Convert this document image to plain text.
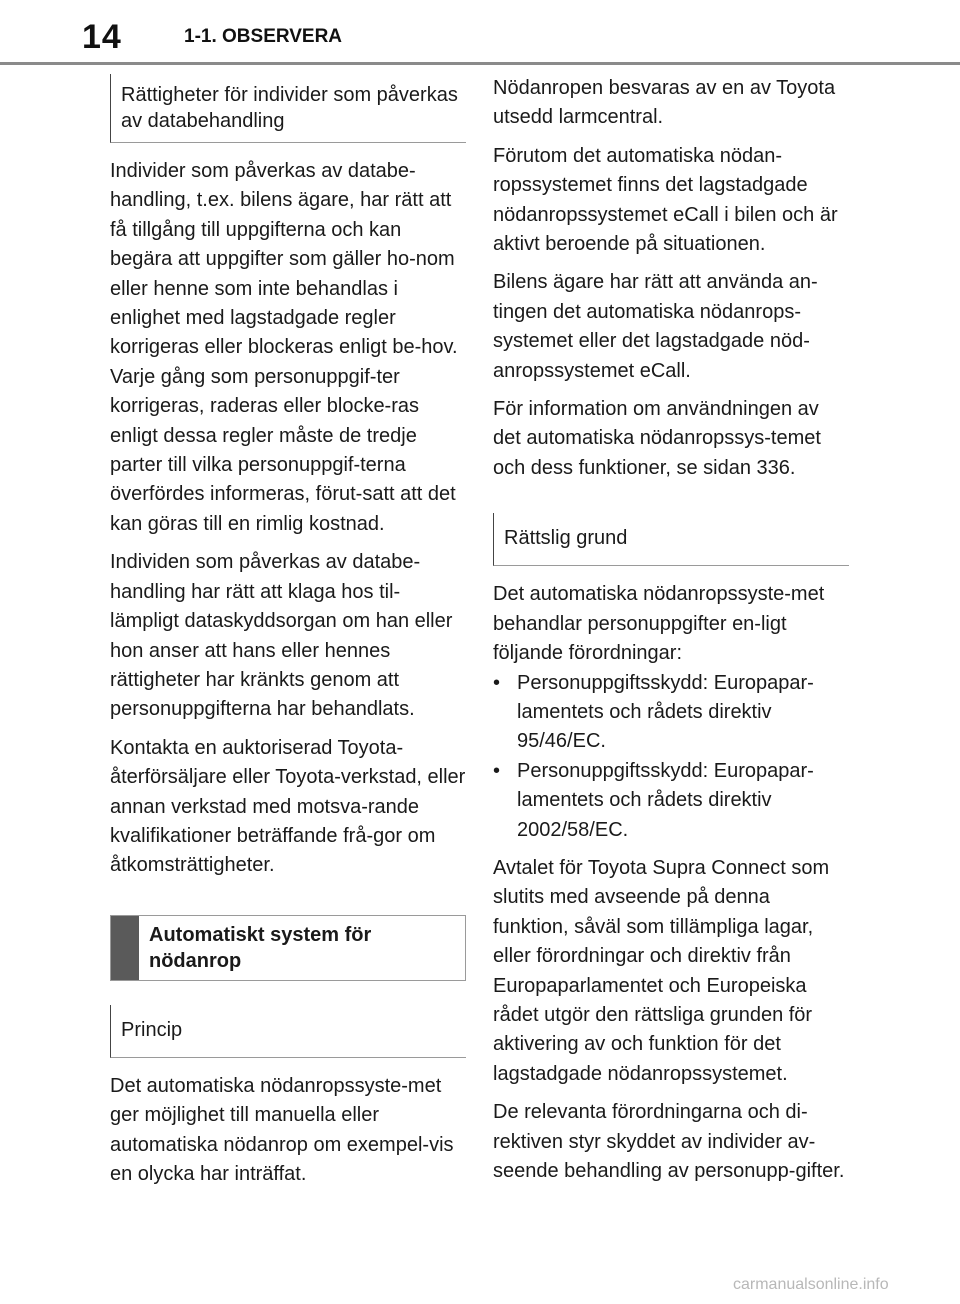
14	1-1. OBSERVERA
Rättigheter för individer som påverkas av databehandling

Individer som påverkas av databe-handling, t.ex. bilens ägare, har rätt att få tillgång till uppgifterna och kan begära att uppgifter som gäller ho-nom eller henne som inte behandlas i enlighet med lagstadgade regler korrigeras eller blockeras enligt be-hov. Varje gång som personuppgif-ter korrigeras, raderas eller blocke-ras enligt dessa regler måste de tredje parter till vilka personuppgif-terna överfördes informeras, förut-satt att det kan göras till en rimlig kostnad.

Individen som påverkas av databe-handling har rätt att klaga hos til-lämpligt dataskyddsorgan om han eller hon anser att hans eller hennes rättigheter har kränkts genom att personuppgifterna har behandlats.

Kontakta en auktoriserad Toyota-återförsäljare eller Toyota-verkstad, eller annan verkstad med motsva-rande kvalifikationer beträffande frå-gor om åtkomsträttigheter.

Automatiskt system för nödanrop
Princip

Det automatiska nödanropssyste-met ger möjlighet till manuella eller automatiska nödanrop om exempel-vis en olycka har inträffat.

Nödanropen besvaras av en av Toyota utsedd larmcentral.

Förutom det automatiska nödan-ropssystemet finns det lagstadgade nödanropssystemet eCall i bilen och är aktivt beroende på situationen.

Bilens ägare har rätt att använda an-tingen det automatiska nödanrops-systemet eller det lagstadgade nöd-anropssystemet eCall.

För information om användningen av det automatiska nödanropssys-temet och dess funktioner, se sidan 336.

Rättslig grund

Det automatiska nödanropssyste-met behandlar personuppgifter en-ligt följande förordningar:

• Personuppgiftsskydd: Europapar-lamentets och rådets direktiv 95/46/EC.
• Personuppgiftsskydd: Europapar-lamentets och rådets direktiv 2002/58/EC.

Avtalet för Toyota Supra Connect som slutits med avseende på denna funktion, såväl som tillämpliga lagar, eller förordningar och direktiv från Europaparlamentet och Europeiska rådet utgör den rättsliga grunden för aktivering av och funktion för det lagstadgade nödanropssystemet.

De relevanta förordningarna och di-rektiven styr skyddet av individer av-seende behandling av personupp-gifter.

carmanualsonline.info
